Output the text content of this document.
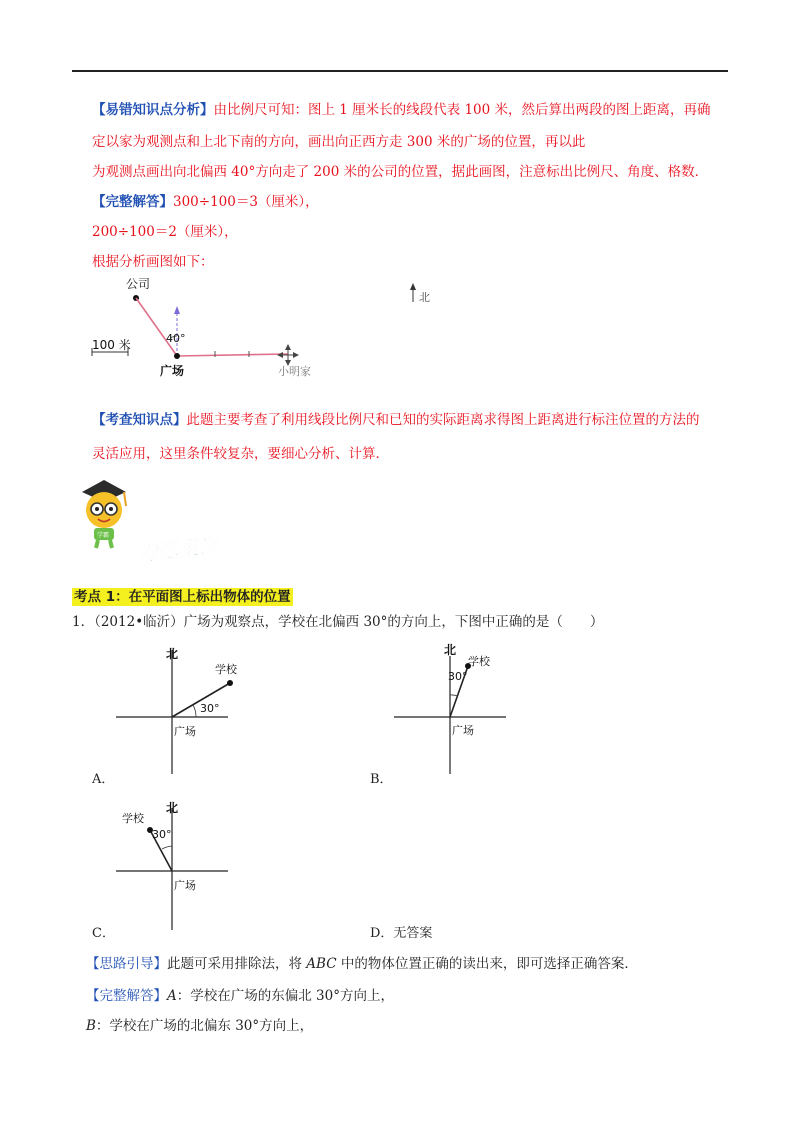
【易错知识点分析】由比例尺可知：图上 1 厘米长的线段代表 100 米，然后算出两段的图上距离，再确
定以家为观测点和上北下南的方向，画出向正西方走 300 米的广场的位置，再以此
为观测点画出向北偏西 40°方向走了 200 米的公司的位置，据此画图，注意标出比例尺、角度、格数．
【完整解答】300÷100＝3（厘米），
200÷100＝2（厘米），
根据分析画图如下：
公司
40°
广场	小明家
100 米
北
【考查知识点】此题主要考查了利用线段比例尺和已知的实际距离求得图上距离进行标注位置的方法的
灵活应用，这里条件较复杂，要细心分析、计算．
学霸 考题集训
考点 1：在平面图上标出物体的位置
1．（2012•临沂）广场为观察点，学校在北偏西 30°的方向上，下图中正确的是（　　）
北
学校
30°
广场
A．
北
学校
30°
广场
B．
北
学校
30°
广场
C．	D．无答案
【思路引导】此题可采用排除法，将 ABC 中的物体位置正确的读出来，即可选择正确答案．
【完整解答】A：学校在广场的东偏北 30°方向上，
B：学校在广场的北偏东 30°方向上，
